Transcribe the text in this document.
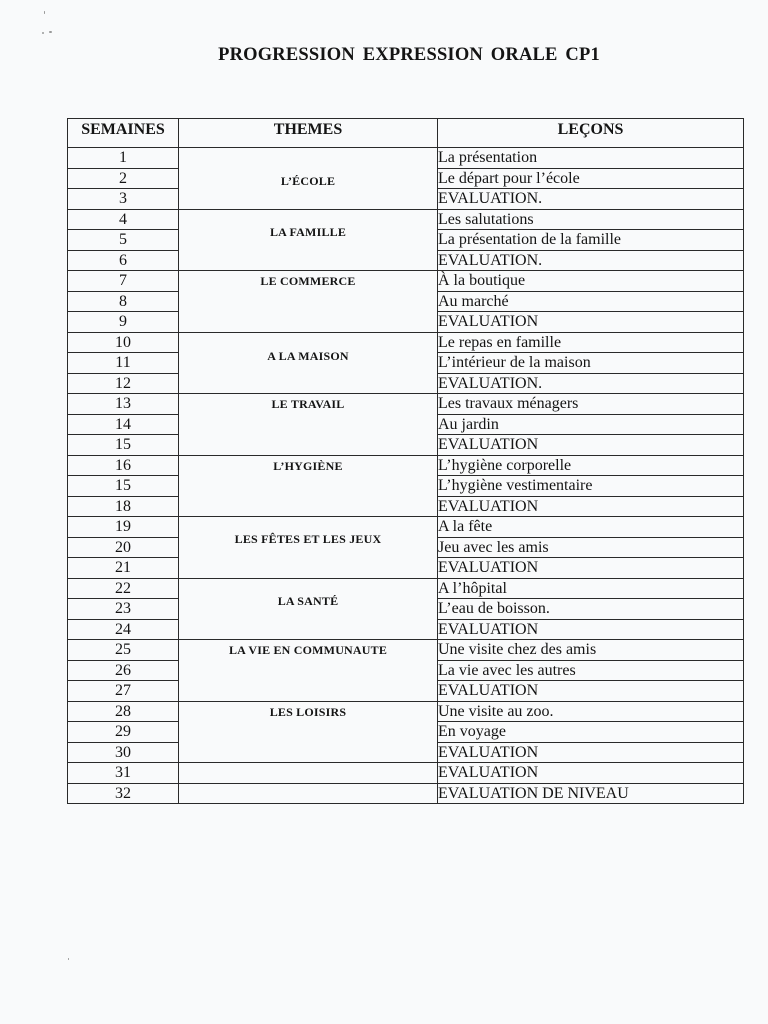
PROGRESSION EXPRESSION ORALE CP1
SEMAINES	THEMES	LEÇONS
1	L’ÉCOLE	La présentation
2		Le départ pour l’école
3		EVALUATION.
4	LA FAMILLE	Les salutations
5		La présentation de la famille
6		EVALUATION.
7	LE COMMERCE	À la boutique
8		Au marché
9		EVALUATION
10	A LA MAISON	Le repas en famille
11		L’intérieur de la maison
12		EVALUATION.
13	LE TRAVAIL	Les travaux ménagers
14		Au jardin
15		EVALUATION
16	L’HYGIÈNE	L’hygiène corporelle
15		L’hygiène vestimentaire
18		EVALUATION
19	LES FÊTES ET LES JEUX	A la fête
20		Jeu avec les amis
21		EVALUATION
22	LA SANTÉ	A l’hôpital
23		L’eau de boisson.
24		EVALUATION
25	LA VIE EN COMMUNAUTE	Une visite chez des amis
26		La vie avec les autres
27		EVALUATION
28	LES LOISIRS	Une visite au zoo.
29		En voyage
30		EVALUATION
31		EVALUATION
32		EVALUATION DE NIVEAU
